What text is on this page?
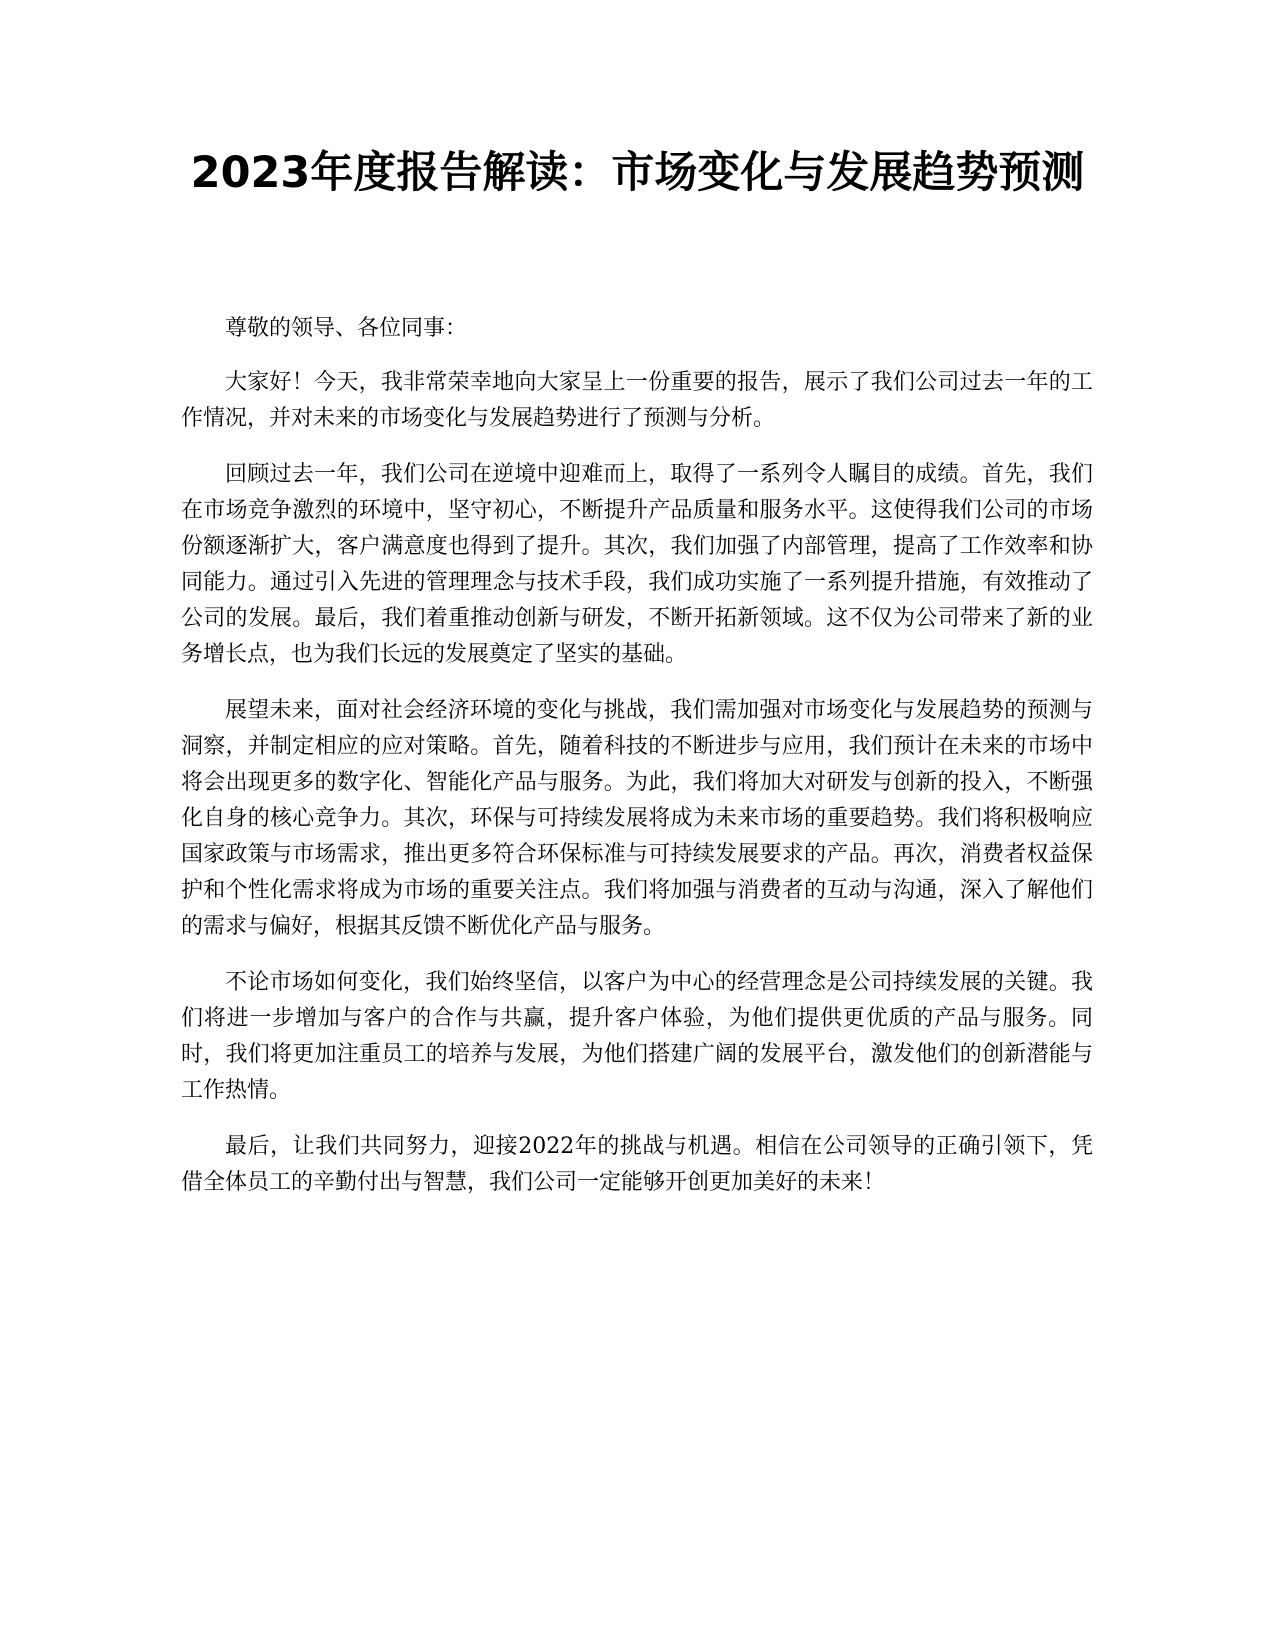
2023年度报告解读：市场变化与发展趋势预测

尊敬的领导、各位同事：

大家好！今天，我非常荣幸地向大家呈上一份重要的报告，展示了我们公司过去一年的工作情况，并对未来的市场变化与发展趋势进行了预测与分析。

回顾过去一年，我们公司在逆境中迎难而上，取得了一系列令人瞩目的成绩。首先，我们在市场竞争激烈的环境中，坚守初心，不断提升产品质量和服务水平。这使得我们公司的市场份额逐渐扩大，客户满意度也得到了提升。其次，我们加强了内部管理，提高了工作效率和协同能力。通过引入先进的管理理念与技术手段，我们成功实施了一系列提升措施，有效推动了公司的发展。最后，我们着重推动创新与研发，不断开拓新领域。这不仅为公司带来了新的业务增长点，也为我们长远的发展奠定了坚实的基础。

展望未来，面对社会经济环境的变化与挑战，我们需加强对市场变化与发展趋势的预测与洞察，并制定相应的应对策略。首先，随着科技的不断进步与应用，我们预计在未来的市场中将会出现更多的数字化、智能化产品与服务。为此，我们将加大对研发与创新的投入，不断强化自身的核心竞争力。其次，环保与可持续发展将成为未来市场的重要趋势。我们将积极响应国家政策与市场需求，推出更多符合环保标准与可持续发展要求的产品。再次，消费者权益保护和个性化需求将成为市场的重要关注点。我们将加强与消费者的互动与沟通，深入了解他们的需求与偏好，根据其反馈不断优化产品与服务。

不论市场如何变化，我们始终坚信，以客户为中心的经营理念是公司持续发展的关键。我们将进一步增加与客户的合作与共赢，提升客户体验，为他们提供更优质的产品与服务。同时，我们将更加注重员工的培养与发展，为他们搭建广阔的发展平台，激发他们的创新潜能与工作热情。

最后，让我们共同努力，迎接2022年的挑战与机遇。相信在公司领导的正确引领下，凭借全体员工的辛勤付出与智慧，我们公司一定能够开创更加美好的未来！
